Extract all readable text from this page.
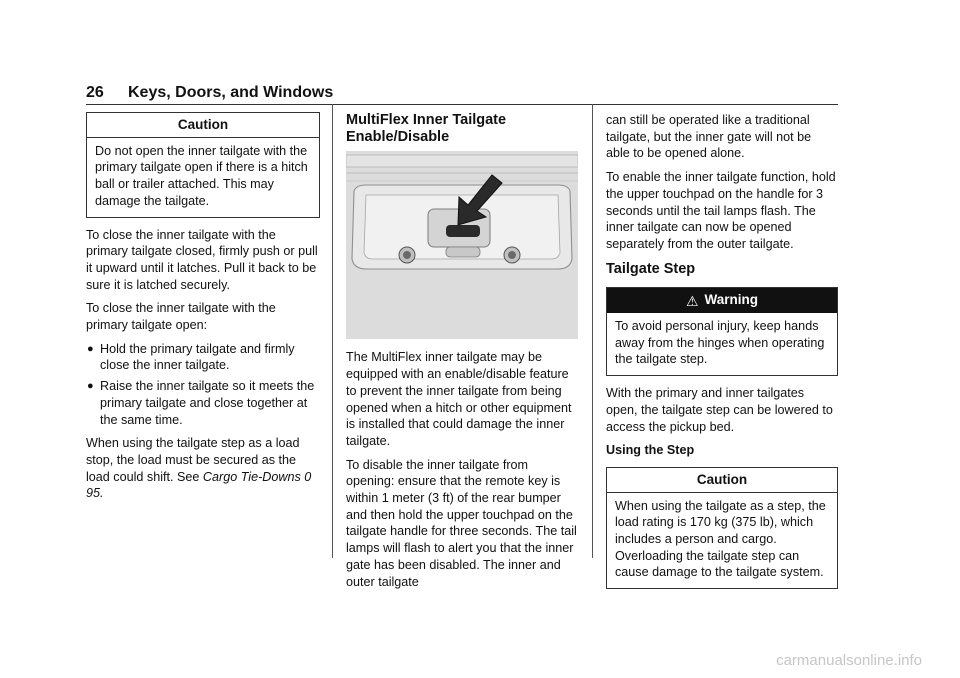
26 Keys, Doors, and Windows
Caution
Do not open the inner tailgate with the primary tailgate open if there is a hitch ball or trailer attached. This may damage the tailgate.

To close the inner tailgate with the primary tailgate closed, firmly push or pull it upward until it latches. Pull it back to be sure it is latched securely.

To close the inner tailgate with the primary tailgate open:

● Hold the primary tailgate and firmly close the inner tailgate.
● Raise the inner tailgate so it meets the primary tailgate and close together at the same time.

When using the tailgate step as a load stop, the load must be secured as the load could shift. See Cargo Tie-Downs 0 95.

MultiFlex Inner Tailgate Enable/Disable

The MultiFlex inner tailgate may be equipped with an enable/disable feature to prevent the inner tailgate from being opened when a hitch or other equipment is installed that could damage the inner tailgate.

To disable the inner tailgate from opening: ensure that the remote key is within 1 meter (3 ft) of the rear bumper and then hold the upper touchpad on the tailgate handle for three seconds. The tail lamps will flash to alert you that the inner gate has been disabled. The inner and outer tailgate

can still be operated like a traditional tailgate, but the inner gate will not be able to be opened alone.

To enable the inner tailgate function, hold the upper touchpad on the handle for 3 seconds until the tail lamps flash. The inner tailgate can now be opened separately from the outer tailgate.

Tailgate Step
⚠ Warning
To avoid personal injury, keep hands away from the hinges when operating the tailgate step.

With the primary and inner tailgates open, the tailgate step can be lowered to access the pickup bed.

Using the Step
Caution
When using the tailgate as a step, the load rating is 170 kg (375 lb), which includes a person and cargo. Overloading the tailgate step can cause damage to the tailgate system.
carmanualsonline.info
